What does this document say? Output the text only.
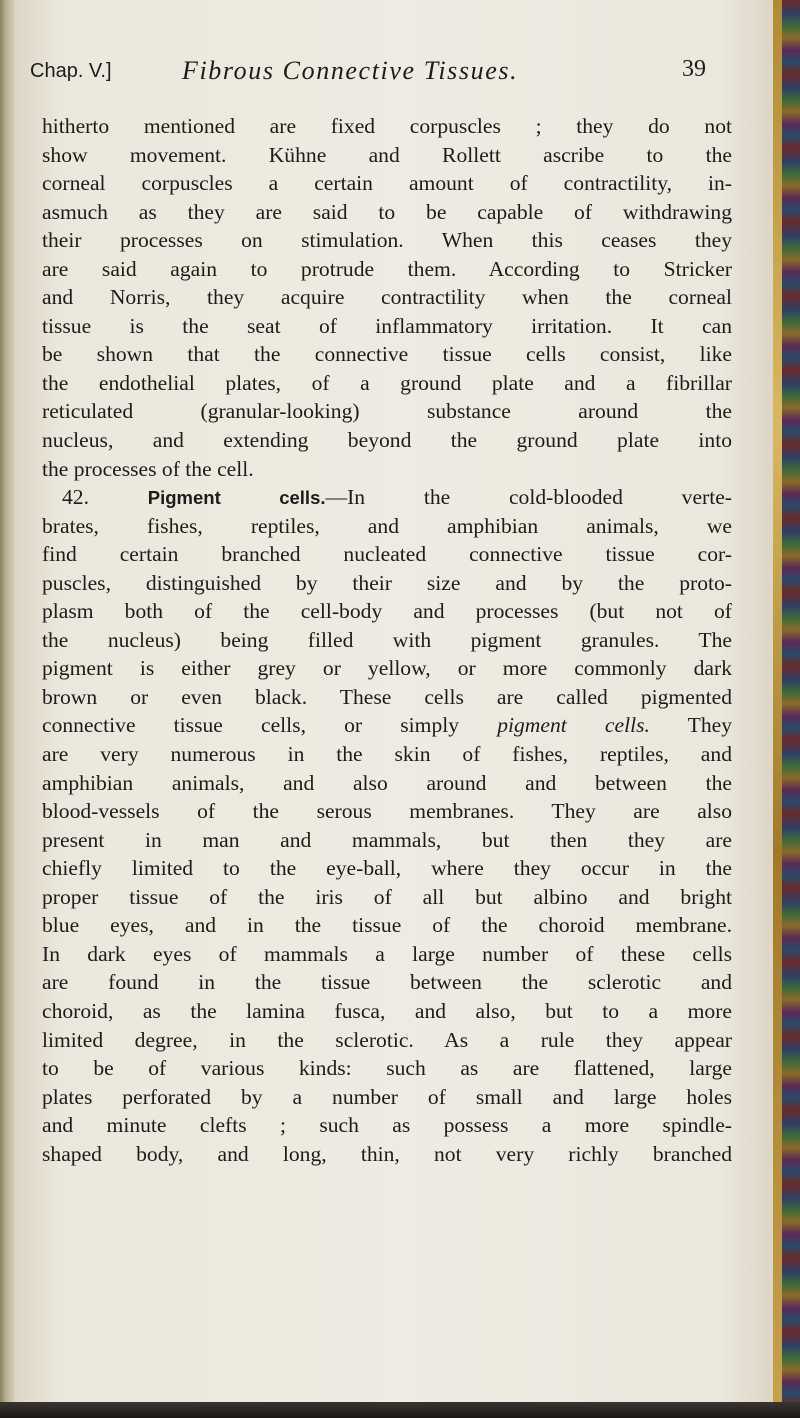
Chap. V.]	Fibrous Connective Tissues.	39
hitherto mentioned are fixed corpuscles ; they do not
show movement. Kühne and Rollett ascribe to the
corneal corpuscles a certain amount of contractility, in-
asmuch as they are said to be capable of withdrawing
their processes on stimulation. When this ceases they
are said again to protrude them. According to Stricker
and Norris, they acquire contractility when the corneal
tissue is the seat of inflammatory irritation. It can
be shown that the connective tissue cells consist, like
the endothelial plates, of a ground plate and a fibrillar
reticulated (granular-looking) substance around the
nucleus, and extending beyond the ground plate into
the processes of the cell.
42.	Pigment cells.—In the cold-blooded verte-
brates, fishes, reptiles, and amphibian animals, we
find certain branched nucleated connective tissue cor-
puscles, distinguished by their size and by the proto-
plasm both of the cell-body and processes (but not of
the nucleus) being filled with pigment granules. The
pigment is either grey or yellow, or more commonly dark
brown or even black. These cells are called pigmented
connective tissue cells, or simply pigment cells. They
are very numerous in the skin of fishes, reptiles, and
amphibian animals, and also around and between the
blood-vessels of the serous membranes. They are also
present in man and mammals, but then they are
chiefly limited to the eye-ball, where they occur in the
proper tissue of the iris of all but albino and bright
blue eyes, and in the tissue of the choroid membrane.
In dark eyes of mammals a large number of these cells
are found in the tissue between the sclerotic and
choroid, as the lamina fusca, and also, but to a more
limited degree, in the sclerotic. As a rule they appear
to be of various kinds: such as are flattened, large
plates perforated by a number of small and large holes
and minute clefts ; such as possess a more spindle-
shaped body, and long, thin, not very richly branched
